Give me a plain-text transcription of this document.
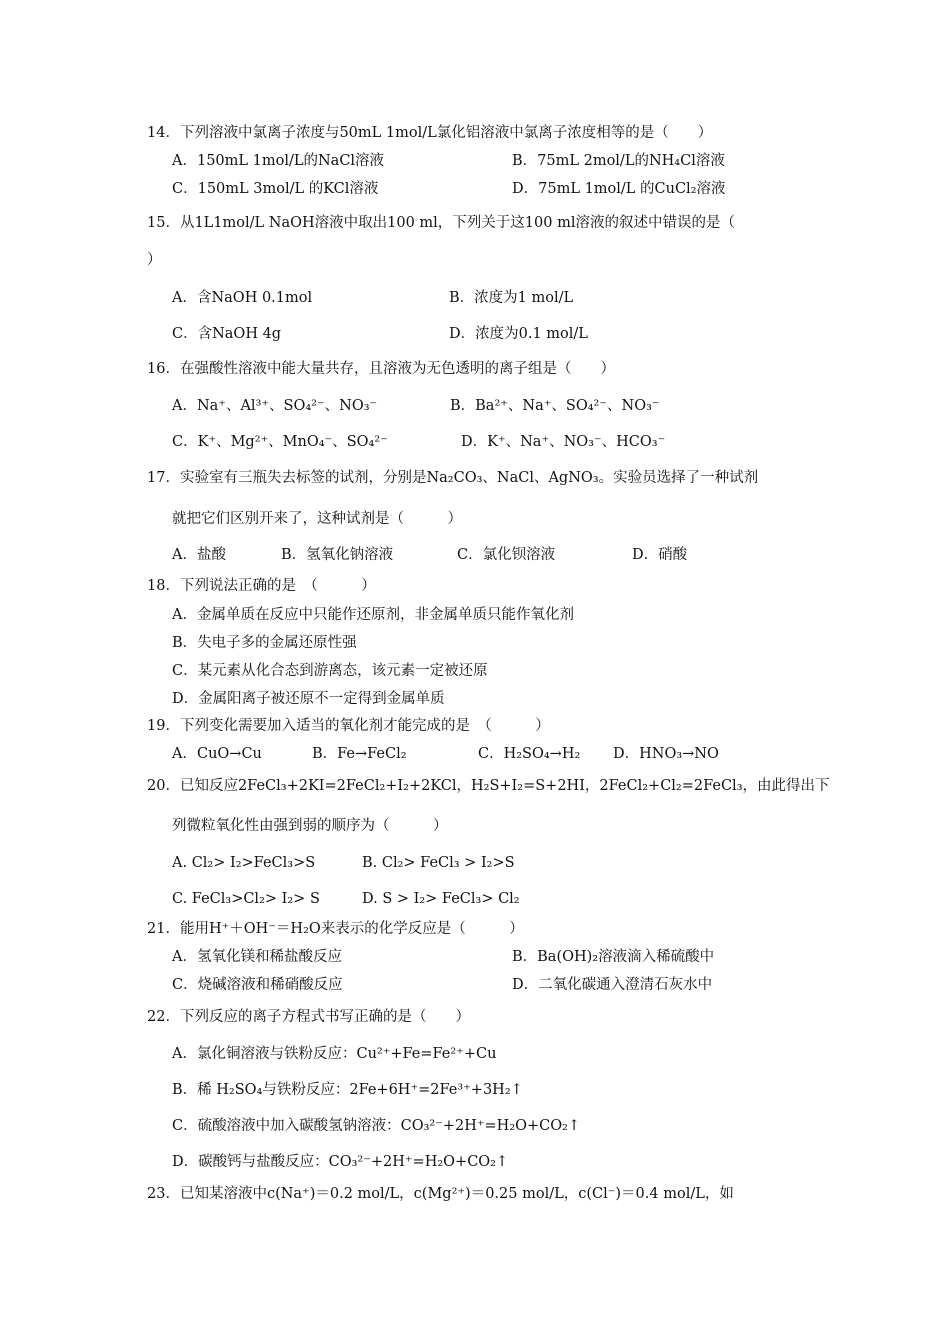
14．下列溶液中氯离子浓度与50mL 1mol/L氯化铝溶液中氯离子浓度相等的是（　　）
A．150mL 1mol/L的NaCl溶液	B．75mL 2mol/L的NH₄Cl溶液
C．150mL 3mol/L 的KCl溶液	D．75mL 1mol/L 的CuCl₂溶液
15．从1L1mol/L NaOH溶液中取出100 ml，下列关于这100 ml溶液的叙述中错误的是（
）
A．含NaOH 0.1mol	B．浓度为1 mol/L
C．含NaOH 4g	D．浓度为0.1 mol/L
16．在强酸性溶液中能大量共存，且溶液为无色透明的离子组是（　　）
A．Na⁺、Al³⁺、SO₄²⁻、NO₃⁻	B．Ba²⁺、Na⁺、SO₄²⁻、NO₃⁻
C．K⁺、Mg²⁺、MnO₄⁻、SO₄²⁻	D．K⁺、Na⁺、NO₃⁻、HCO₃⁻
17．实验室有三瓶失去标签的试剂，分别是Na₂CO₃、NaCl、AgNO₃。实验员选择了一种试剂
就把它们区别开来了，这种试剂是（　　　）
A．盐酸	B．氢氧化钠溶液	C．氯化钡溶液	D．硝酸
18．下列说法正确的是　（　　　）
A．金属单质在反应中只能作还原剂，非金属单质只能作氧化剂
B．失电子多的金属还原性强
C．某元素从化合态到游离态，该元素一定被还原
D．金属阳离子被还原不一定得到金属单质
19．下列变化需要加入适当的氧化剂才能完成的是　（　　　）
A．CuO→Cu	B．Fe→FeCl₂	C．H₂SO₄→H₂ D．HNO₃→NO
20．已知反应2FeCl₃+2KI=2FeCl₂+I₂+2KCl，H₂S+I₂=S+2HI，2FeCl₂+Cl₂=2FeCl₃，由此得出下
列微粒氧化性由强到弱的顺序为（　　　）
A. Cl₂> I₂>FeCl₃>S	B. Cl₂> FeCl₃ > I₂>S
C. FeCl₃>Cl₂> I₂> S	D. S > I₂> FeCl₃> Cl₂
21．能用H⁺＋OH⁻＝H₂O来表示的化学反应是（　　　）
A．氢氧化镁和稀盐酸反应	B．Ba(OH)₂溶液滴入稀硫酸中
C．烧碱溶液和稀硝酸反应	D．二氧化碳通入澄清石灰水中
22．下列反应的离子方程式书写正确的是（　　）
A．氯化铜溶液与铁粉反应：Cu²⁺+Fe=Fe²⁺+Cu
B．稀 H₂SO₄与铁粉反应：2Fe+6H⁺=2Fe³⁺+3H₂↑
C．硫酸溶液中加入碳酸氢钠溶液：CO₃²⁻+2H⁺=H₂O+CO₂↑
D．碳酸钙与盐酸反应：CO₃²⁻+2H⁺=H₂O+CO₂↑
23．已知某溶液中c(Na⁺)＝0.2 mol/L，c(Mg²⁺)＝0.25 mol/L，c(Cl⁻)＝0.4 mol/L，如
